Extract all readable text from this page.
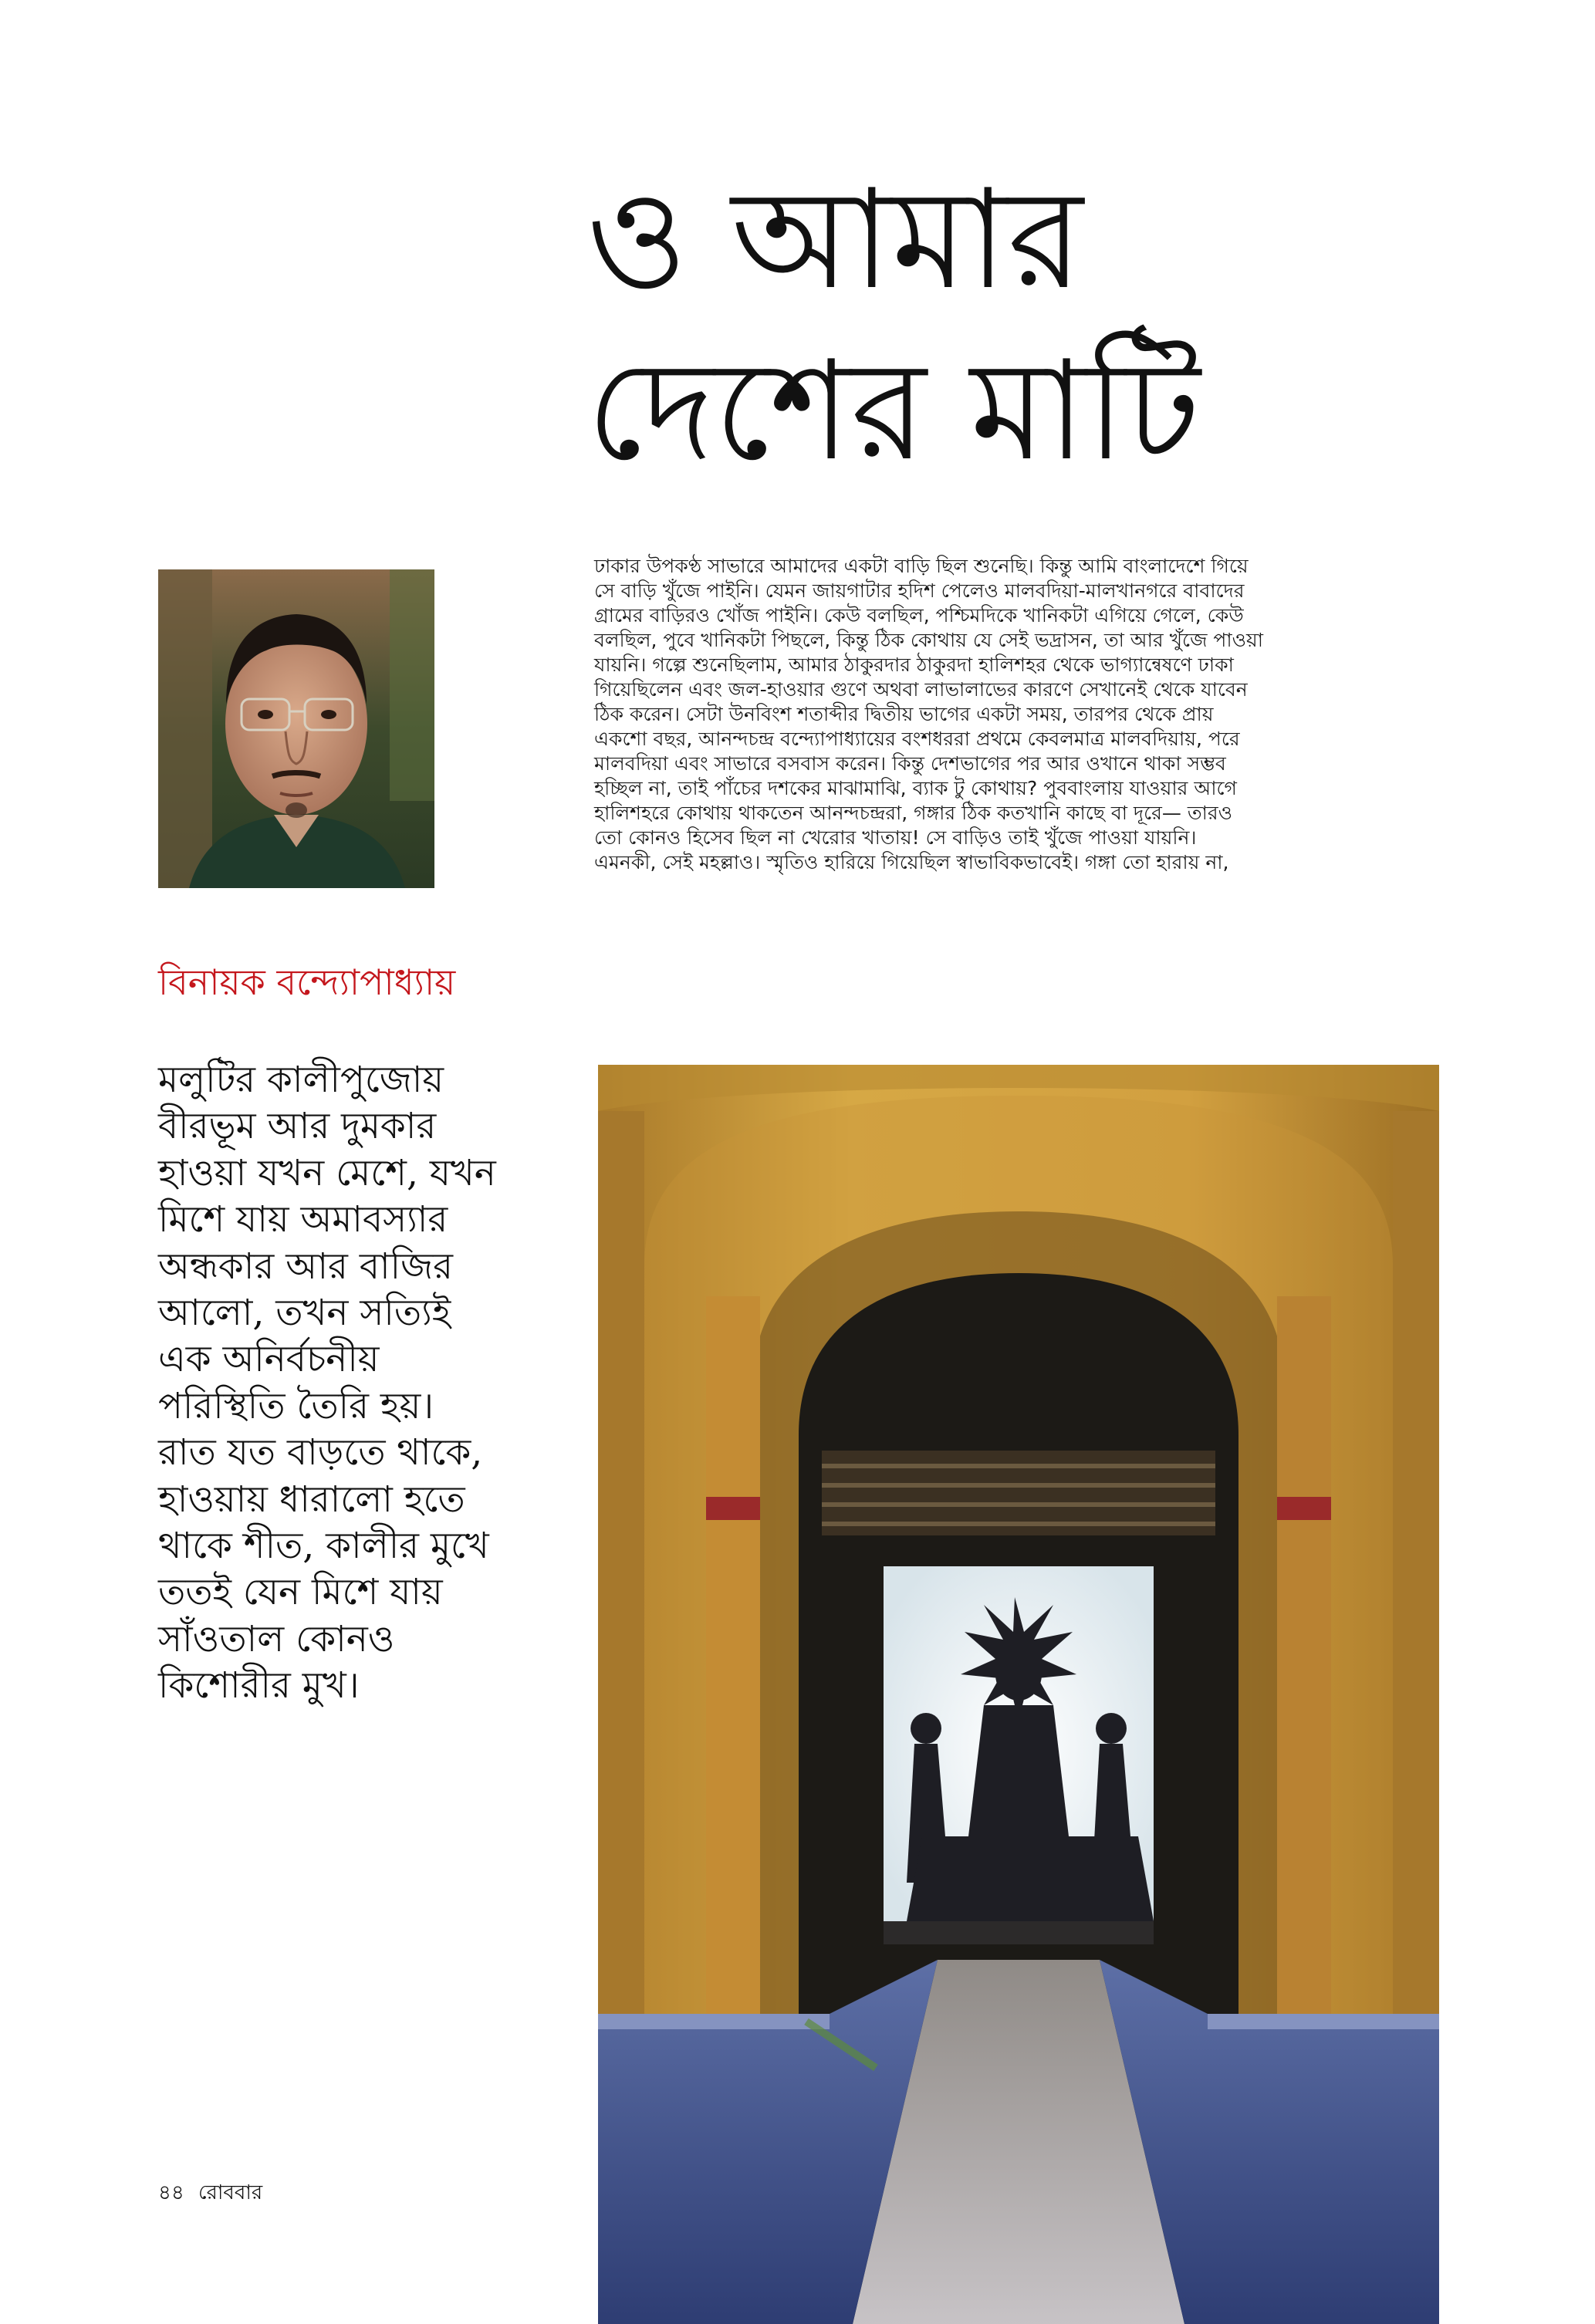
ও আমার
দেশের মাটি
বিনায়ক বন্দ্যোপাধ্যায়
মলুটির কালীপুজোয়
বীরভূম আর দুমকার
হাওয়া যখন মেশে, যখন
মিশে যায় অমাবস্যার
অন্ধকার আর বাজির
আলো, তখন সত্যিই
এক অনির্বচনীয়
পরিস্থিতি তৈরি হয়।
রাত যত বাড়তে থাকে,
হাওয়ায় ধারালো হতে
থাকে শীত, কালীর মুখে
ততই যেন মিশে যায়
সাঁওতাল কোনও
কিশোরীর মুখ।
ঢাকার উপকণ্ঠ সাভারে আমাদের একটা বাড়ি ছিল শুনেছি। কিন্তু আমি বাংলাদেশে গিয়ে
সে বাড়ি খুঁজে পাইনি। যেমন জায়গাটার হদিশ পেলেও মালবদিয়া-মালখানগরে বাবাদের
গ্রামের বাড়িরও খোঁজ পাইনি। কেউ বলছিল, পশ্চিমদিকে খানিকটা এগিয়ে গেলে, কেউ
বলছিল, পুবে খানিকটা পিছলে, কিন্তু ঠিক কোথায় যে সেই ভদ্রাসন, তা আর খুঁজে পাওয়া
যায়নি। গল্পে শুনেছিলাম, আমার ঠাকুরদার ঠাকুরদা হালিশহর থেকে ভাগ্যান্বেষণে ঢাকা
গিয়েছিলেন এবং জল-হাওয়ার গুণে অথবা লাভালাভের কারণে সেখানেই থেকে যাবেন
ঠিক করেন। সেটা উনবিংশ শতাব্দীর দ্বিতীয় ভাগের একটা সময়, তারপর থেকে প্রায়
একশো বছর, আনন্দচন্দ্র বন্দ্যোপাধ্যায়ের বংশধররা প্রথমে কেবলমাত্র মালবদিয়ায়, পরে
মালবদিয়া এবং সাভারে বসবাস করেন। কিন্তু দেশভাগের পর আর ওখানে থাকা সম্ভব
হচ্ছিল না, তাই পাঁচের দশকের মাঝামাঝি, ব্যাক টু কোথায়? পুববাংলায় যাওয়ার আগে
হালিশহরে কোথায় থাকতেন আনন্দচন্দ্ররা, গঙ্গার ঠিক কতখানি কাছে বা দূরে— তারও
তো কোনও হিসেব ছিল না খেরোর খাতায়! সে বাড়িও তাই খুঁজে পাওয়া যায়নি।
এমনকী, সেই মহল্লাও। স্মৃতিও হারিয়ে গিয়েছিল স্বাভাবিকভাবেই। গঙ্গা তো হারায় না,
৪৪ রোববার
